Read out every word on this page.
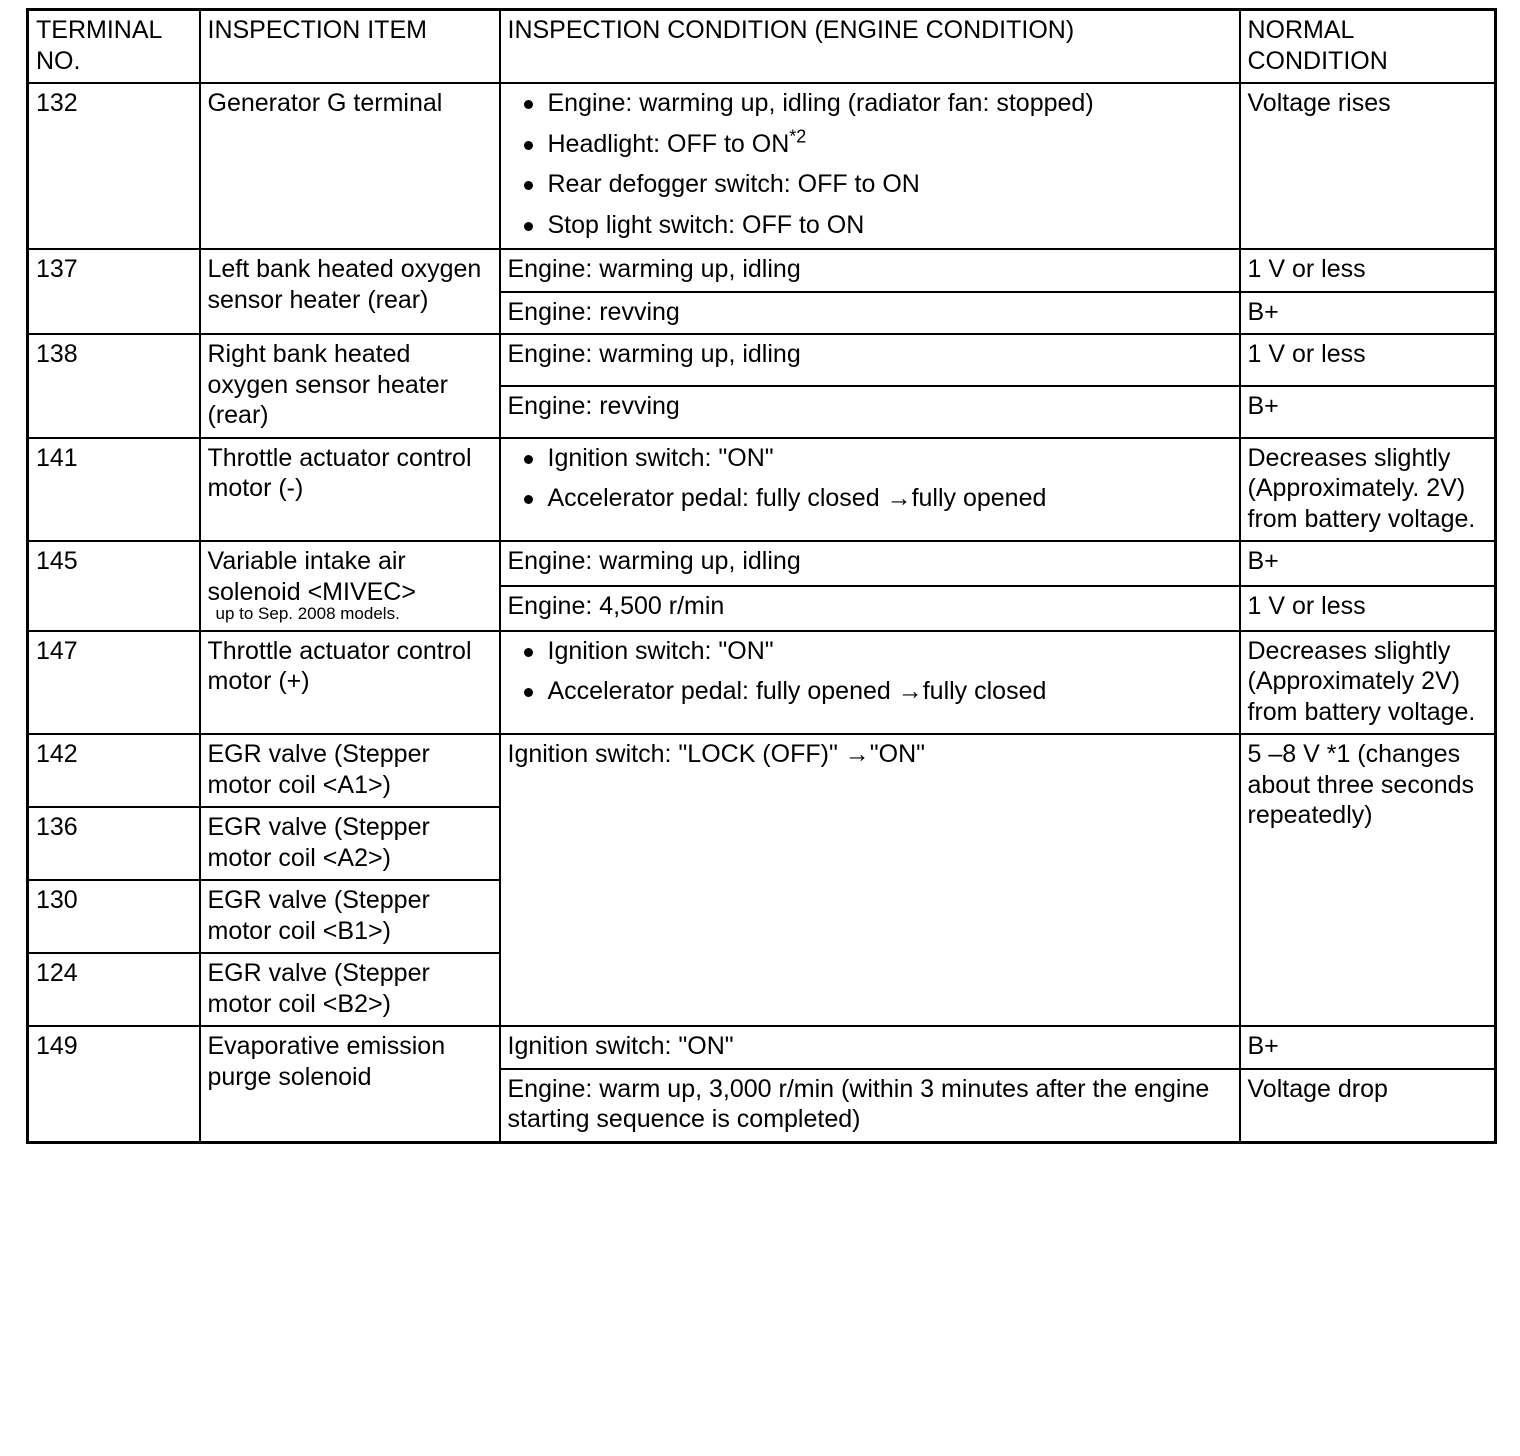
TERMINAL NO.	INSPECTION ITEM	INSPECTION CONDITION (ENGINE CONDITION)	NORMAL CONDITION
132	Generator G terminal	Engine: warming up, idling (radiator fan: stopped)
Headlight: OFF to ON$^{*2}$
Rear defogger switch: OFF to ON
Stop light switch: OFF to ON
	Voltage rises
137	Left bank heated oxygen sensor heater (rear)	Engine: warming up, idling	1 V or less
		Engine: revving	B+
138	Right bank heated oxygen sensor heater (rear)	Engine: warming up, idling	1 V or less
		Engine: revving	B+
141	Throttle actuator control motor (-)	
Ignition switch: "ON"
Accelerator pedal: fully closed →fully opened
	Decreases slightly (Approximately. 2V) from battery voltage.
145	Variable intake air solenoid <MIVEC>
up to Sep. 2008 models.	Engine: warming up, idling	B+
		Engine: 4,500 r/min	1 V or less
147	Throttle actuator control motor (+)	
Ignition switch: "ON"
Accelerator pedal: fully opened →fully closed
	Decreases slightly (Approximately 2V) from battery voltage.
142	EGR valve (Stepper motor coil <A1>)	Ignition switch: "LOCK (OFF)" →"ON"	5 –8 V *1 (changes about three seconds repeatedly)
136	EGR valve (Stepper motor coil <A2>)		
130	EGR valve (Stepper motor coil <B1>)		
124	EGR valve (Stepper motor coil <B2>)		
149	Evaporative emission purge solenoid	Ignition switch: "ON"	B+
		Engine: warm up, 3,000 r/min (within 3 minutes after the engine starting sequence is completed)	Voltage drop
